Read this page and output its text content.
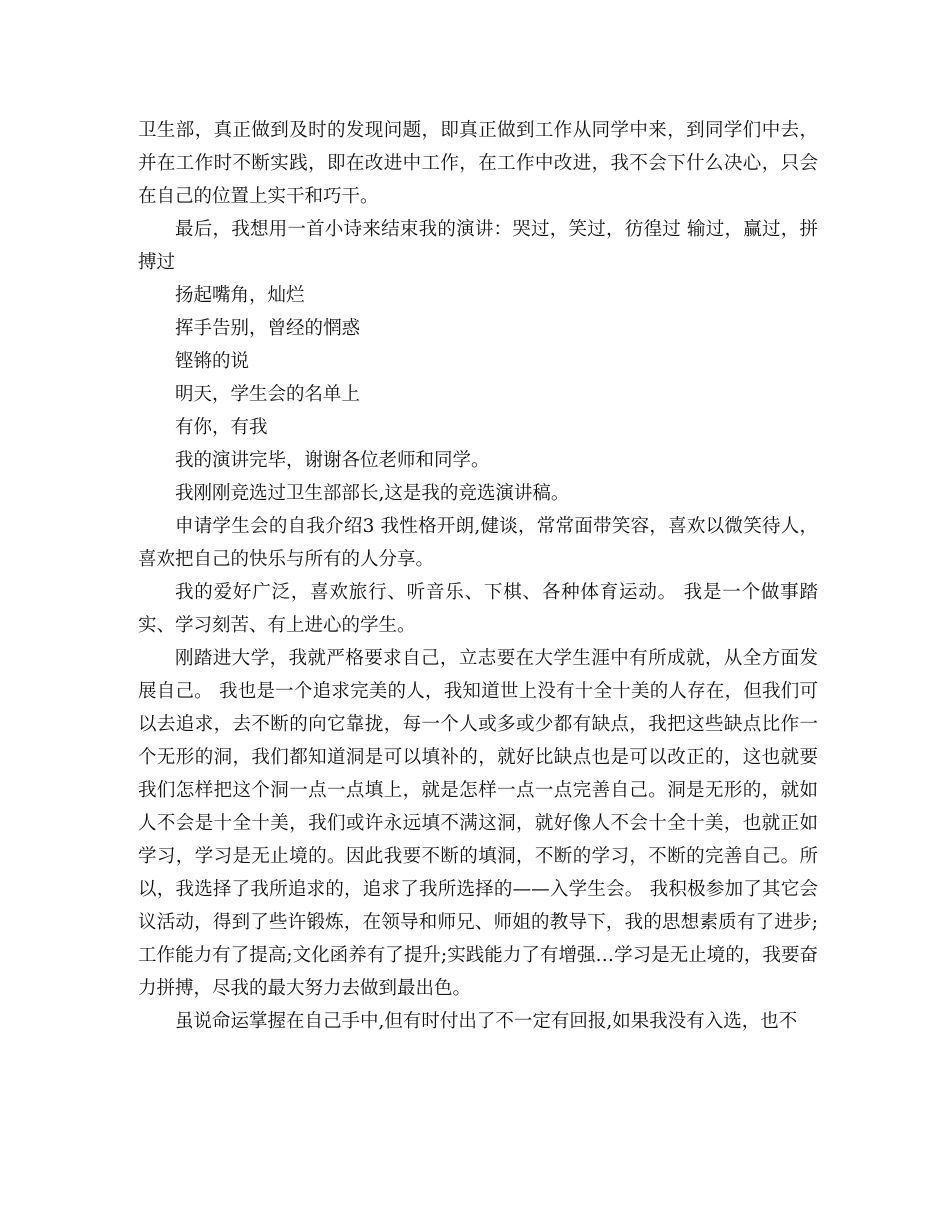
卫生部，真正做到及时的发现问题，即真正做到工作从同学中来，到同学们中去，并在工作时不断实践，即在改进中工作，在工作中改进，我不会下什么决心，只会在自己的位置上实干和巧干。

最后，我想用一首小诗来结束我的演讲：哭过，笑过，彷徨过 输过，赢过，拼搏过

扬起嘴角，灿烂

挥手告别，曾经的惘惑

铿锵的说

明天，学生会的名单上

有你，有我

我的演讲完毕，谢谢各位老师和同学。

我刚刚竞选过卫生部部长,这是我的竞选演讲稿。

申请学生会的自我介绍3 我性格开朗,健谈，常常面带笑容，喜欢以微笑待人，喜欢把自己的快乐与所有的人分享。

我的爱好广泛，喜欢旅行、听音乐、下棋、各种体育运动。 我是一个做事踏实、学习刻苦、有上进心的学生。

刚踏进大学，我就严格要求自己，立志要在大学生涯中有所成就，从全方面发展自己。 我也是一个追求完美的人，我知道世上没有十全十美的人存在，但我们可以去追求，去不断的向它靠拢，每一个人或多或少都有缺点，我把这些缺点比作一个无形的洞，我们都知道洞是可以填补的，就好比缺点也是可以改正的，这也就要我们怎样把这个洞一点一点填上，就是怎样一点一点完善自己。洞是无形的，就如人不会是十全十美，我们或许永远填不满这洞，就好像人不会十全十美，也就正如学习，学习是无止境的。因此我要不断的填洞，不断的学习，不断的完善自己。所以，我选择了我所追求的，追求了我所选择的——入学生会。 我积极参加了其它会议活动，得到了些许锻炼，在领导和师兄、师姐的教导下，我的思想素质有了进步;工作能力有了提高;文化函养有了提升;实践能力了有增强…学习是无止境的，我要奋力拼搏，尽我的最大努力去做到最出色。

虽说命运掌握在自己手中,但有时付出了不一定有回报,如果我没有入选，也不
